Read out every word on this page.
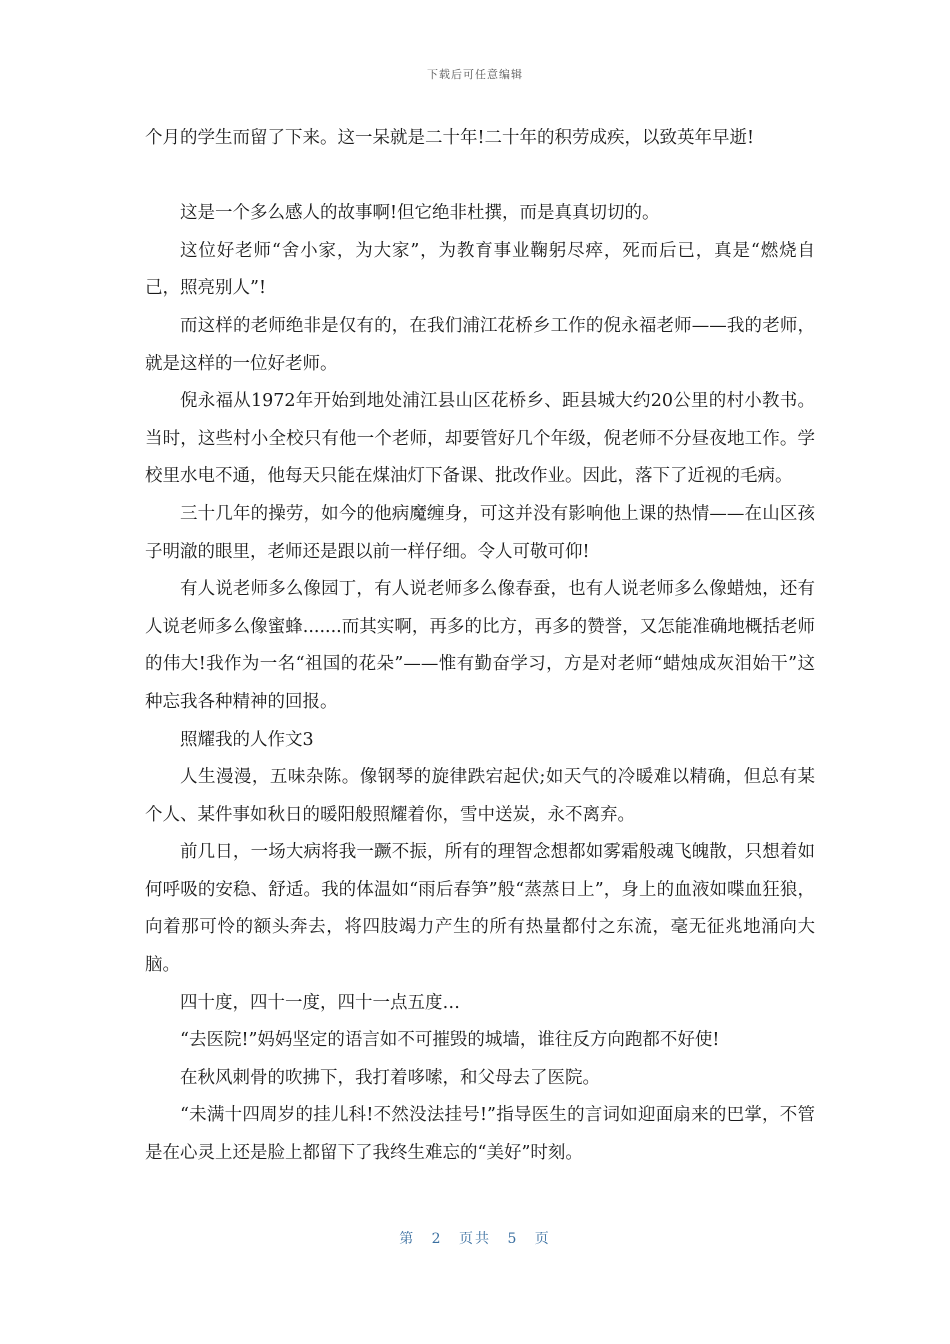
下载后可任意编辑

个月的学生而留了下来。这一呆就是二十年!二十年的积劳成疾，以致英年早逝!

这是一个多么感人的故事啊!但它绝非杜撰，而是真真切切的。

这位好老师“舍小家，为大家”，为教育事业鞠躬尽瘁，死而后已，真是“燃烧自己，照亮别人”!

而这样的老师绝非是仅有的，在我们浦江花桥乡工作的倪永福老师——我的老师，就是这样的一位好老师。

倪永福从1972年开始到地处浦江县山区花桥乡、距县城大约20公里的村小教书。当时，这些村小全校只有他一个老师，却要管好几个年级，倪老师不分昼夜地工作。学校里水电不通，他每天只能在煤油灯下备课、批改作业。因此，落下了近视的毛病。

三十几年的操劳，如今的他病魔缠身，可这并没有影响他上课的热情——在山区孩子明澈的眼里，老师还是跟以前一样仔细。令人可敬可仰!

有人说老师多么像园丁，有人说老师多么像春蚕，也有人说老师多么像蜡烛，还有人说老师多么像蜜蜂.......而其实啊，再多的比方，再多的赞誉，又怎能准确地概括老师的伟大!我作为一名“祖国的花朵”——惟有勤奋学习，方是对老师“蜡烛成灰泪始干”这种忘我各种精神的回报。

照耀我的人作文3

人生漫漫，五味杂陈。像钢琴的旋律跌宕起伏;如天气的冷暖难以精确，但总有某个人、某件事如秋日的暖阳般照耀着你，雪中送炭，永不离弃。

前几日，一场大病将我一蹶不振，所有的理智念想都如雾霜般魂飞魄散，只想着如何呼吸的安稳、舒适。我的体温如“雨后春笋”般“蒸蒸日上”，身上的血液如喋血狂狼，向着那可怜的额头奔去，将四肢竭力产生的所有热量都付之东流，毫无征兆地涌向大脑。

四十度，四十一度，四十一点五度…

“去医院!”妈妈坚定的语言如不可摧毁的城墙，谁往反方向跑都不好使!

在秋风刺骨的吹拂下，我打着哆嗦，和父母去了医院。

“未满十四周岁的挂儿科!不然没法挂号!”指导医生的言词如迎面扇来的巴掌，不管是在心灵上还是脸上都留下了我终生难忘的“美好”时刻。

第 2 页共 5 页
